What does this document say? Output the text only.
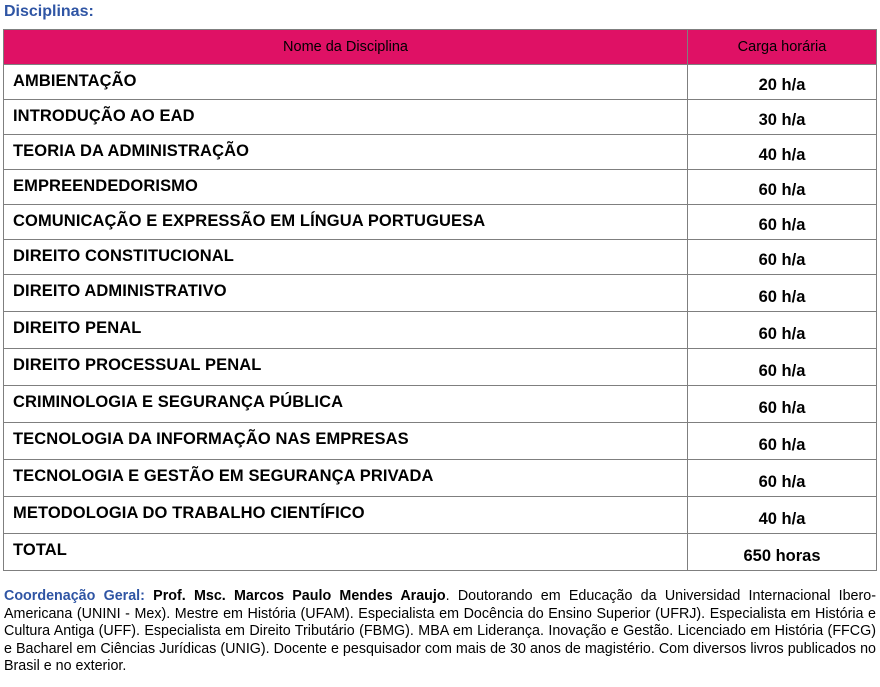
Disciplinas:
Nome da Disciplina	Carga horária
AMBIENTAÇÃO	20 h/a
INTRODUÇÃO AO EAD	30 h/a
TEORIA DA ADMINISTRAÇÃO	40 h/a
EMPREENDEDORISMO	60 h/a
COMUNICAÇÃO E EXPRESSÃO EM LÍNGUA PORTUGUESA	60 h/a
DIREITO CONSTITUCIONAL	60 h/a
DIREITO ADMINISTRATIVO	60 h/a
DIREITO PENAL	60 h/a
DIREITO PROCESSUAL PENAL	60 h/a
CRIMINOLOGIA E SEGURANÇA PÚBLICA	60 h/a
TECNOLOGIA DA INFORMAÇÃO NAS EMPRESAS	60 h/a
TECNOLOGIA E GESTÃO EM SEGURANÇA PRIVADA	60 h/a
METODOLOGIA DO TRABALHO CIENTÍFICO	40 h/a
TOTAL	650 horas
Coordenação Geral: Prof. Msc. Marcos Paulo Mendes Araujo. Doutorando em Educação da Universidad Internacional Ibero-Americana (UNINI - Mex). Mestre em História (UFAM). Especialista em Docência do Ensino Superior (UFRJ). Especialista em História e Cultura Antiga (UFF). Especialista em Direito Tributário (FBMG). MBA em Liderança. Inovação e Gestão. Licenciado em História (FFCG) e Bacharel em Ciências Jurídicas (UNIG). Docente e pesquisador com mais de 30 anos de magistério. Com diversos livros publicados no Brasil e no exterior.
